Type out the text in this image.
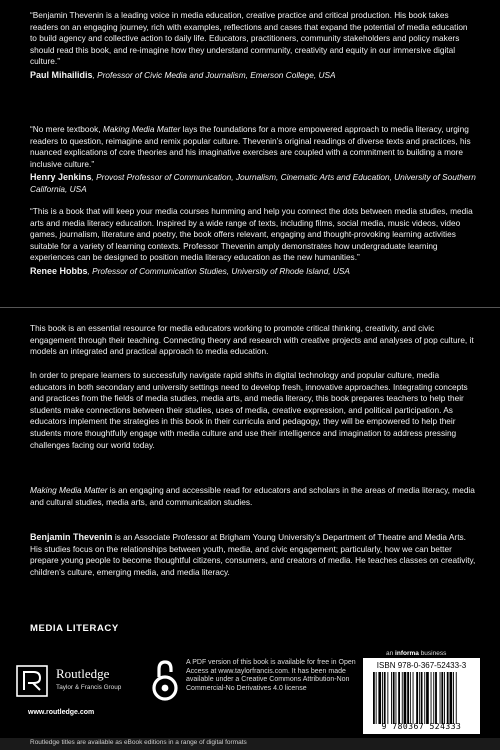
“Benjamin Thevenin is a leading voice in media education, creative practice and critical production. His book takes readers on an engaging journey, rich with examples, reflections and cases that expand the potential of media education to build agency and collective action to daily life. Educators, practitioners, community stakeholders and policy makers should read this book, and re-imagine how they understand community, creativity and equity in our immersive digital culture.”

Paul Mihailidis, Professor of Civic Media and Journalism, Emerson College, USA

“No mere textbook, Making Media Matter lays the foundations for a more empowered approach to media literacy, urging readers to question, reimagine and remix popular culture. Thevenin’s original readings of diverse texts and practices, his nuanced explications of core theories and his imaginative exercises are coupled with a commitment to building a more inclusive culture.”

Henry Jenkins, Provost Professor of Communication, Journalism, Cinematic Arts and Education, University of Southern California, USA

“This is a book that will keep your media courses humming and help you connect the dots between media studies, media arts and media literacy education. Inspired by a wide range of texts, including films, social media, music videos, video games, journalism, literature and poetry, the book offers relevant, engaging and thought-provoking learning activities suitable for a variety of learning contexts. Professor Thevenin amply demonstrates how undergraduate learning experiences can be designed to position media literacy education as the new humanities.”

Renee Hobbs, Professor of Communication Studies, University of Rhode Island, USA

This book is an essential resource for media educators working to promote critical thinking, creativity, and civic engagement through their teaching. Connecting theory and research with creative projects and analyses of pop culture, it models an integrated and practical approach to media education.

In order to prepare learners to successfully navigate rapid shifts in digital technology and popular culture, media educators in both secondary and university settings need to develop fresh, innovative approaches. Integrating concepts and practices from the fields of media studies, media arts, and media literacy, this book prepares teachers to help their students make connections between their studies, uses of media, creative expression, and political participation. As educators implement the strategies in this book in their curricula and pedagogy, they will be empowered to help their students more thoughtfully engage with media culture and use their intelligence and imagination to address pressing challenges facing our world today.

Making Media Matter is an engaging and accessible read for educators and scholars in the areas of media literacy, media and cultural studies, media arts, and communication studies.

Benjamin Thevenin is an Associate Professor at Brigham Young University’s Department of Theatre and Media Arts. His studies focus on the relationships between youth, media, and civic engagement; particularly, how we can better prepare young people to become thoughtful citizens, consumers, and creators of media. He teaches classes on creativity, children’s culture, emerging media, and media literacy.

MEDIA LITERACY
an informa business
Routledge
Taylor & Francis Group
www.routledge.com

A PDF version of this book is available for free in Open Access at www.taylorfrancis.com. It has been made available under a Creative Commons Attribution-Non Commercial-No Derivatives 4.0 license

ISBN 978-0-367-52433-3
9 780367 524333
Routledge titles are available as eBook editions in a range of digital formats
